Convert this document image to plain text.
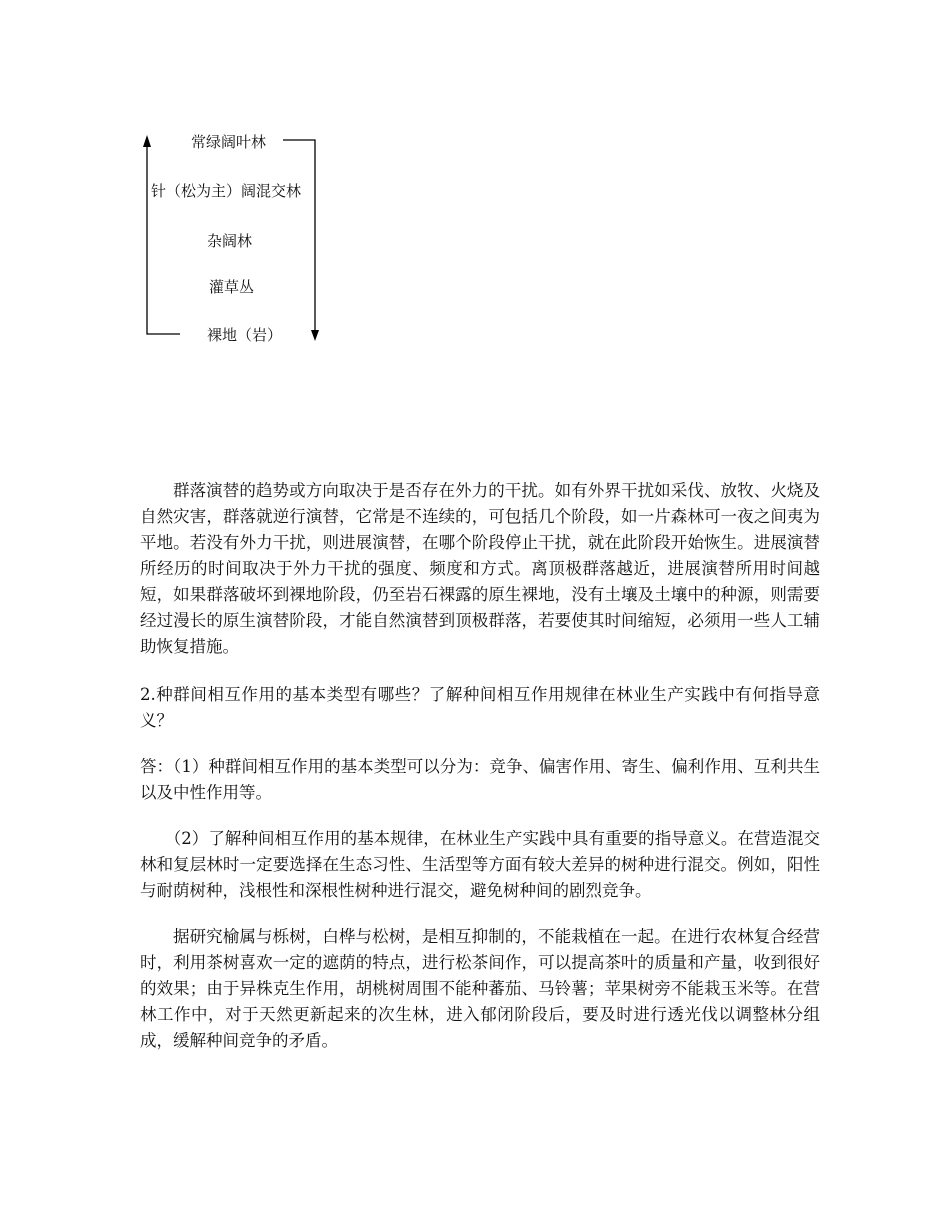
常绿阔叶林
针（松为主）阔混交林
杂阔林
灌草丛
裸地（岩）

群落演替的趋势或方向取决于是否存在外力的干扰。如有外界干扰如采伐、放牧、火烧及自然灾害，群落就逆行演替，它常是不连续的，可包括几个阶段，如一片森林可一夜之间夷为平地。若没有外力干扰，则进展演替，在哪个阶段停止干扰，就在此阶段开始恢生。进展演替所经历的时间取决于外力干扰的强度、频度和方式。离顶极群落越近，进展演替所用时间越短，如果群落破坏到裸地阶段，仍至岩石裸露的原生裸地，没有土壤及土壤中的种源，则需要经过漫长的原生演替阶段，才能自然演替到顶极群落，若要使其时间缩短，必须用一些人工辅助恢复措施。

2.种群间相互作用的基本类型有哪些？了解种间相互作用规律在林业生产实践中有何指导意义？

答：（1）种群间相互作用的基本类型可以分为：竞争、偏害作用、寄生、偏利作用、互利共生以及中性作用等。

（2）了解种间相互作用的基本规律，在林业生产实践中具有重要的指导意义。在营造混交林和复层林时一定要选择在生态习性、生活型等方面有较大差异的树种进行混交。例如，阳性与耐荫树种，浅根性和深根性树种进行混交，避免树种间的剧烈竞争。

据研究榆属与栎树，白桦与松树，是相互抑制的，不能栽植在一起。在进行农林复合经营时，利用茶树喜欢一定的遮荫的特点，进行松茶间作，可以提高茶叶的质量和产量，收到很好的效果；由于异株克生作用，胡桃树周围不能种蕃茄、马铃薯；苹果树旁不能栽玉米等。在营林工作中，对于天然更新起来的次生林，进入郁闭阶段后，要及时进行透光伐以调整林分组成，缓解种间竞争的矛盾。
